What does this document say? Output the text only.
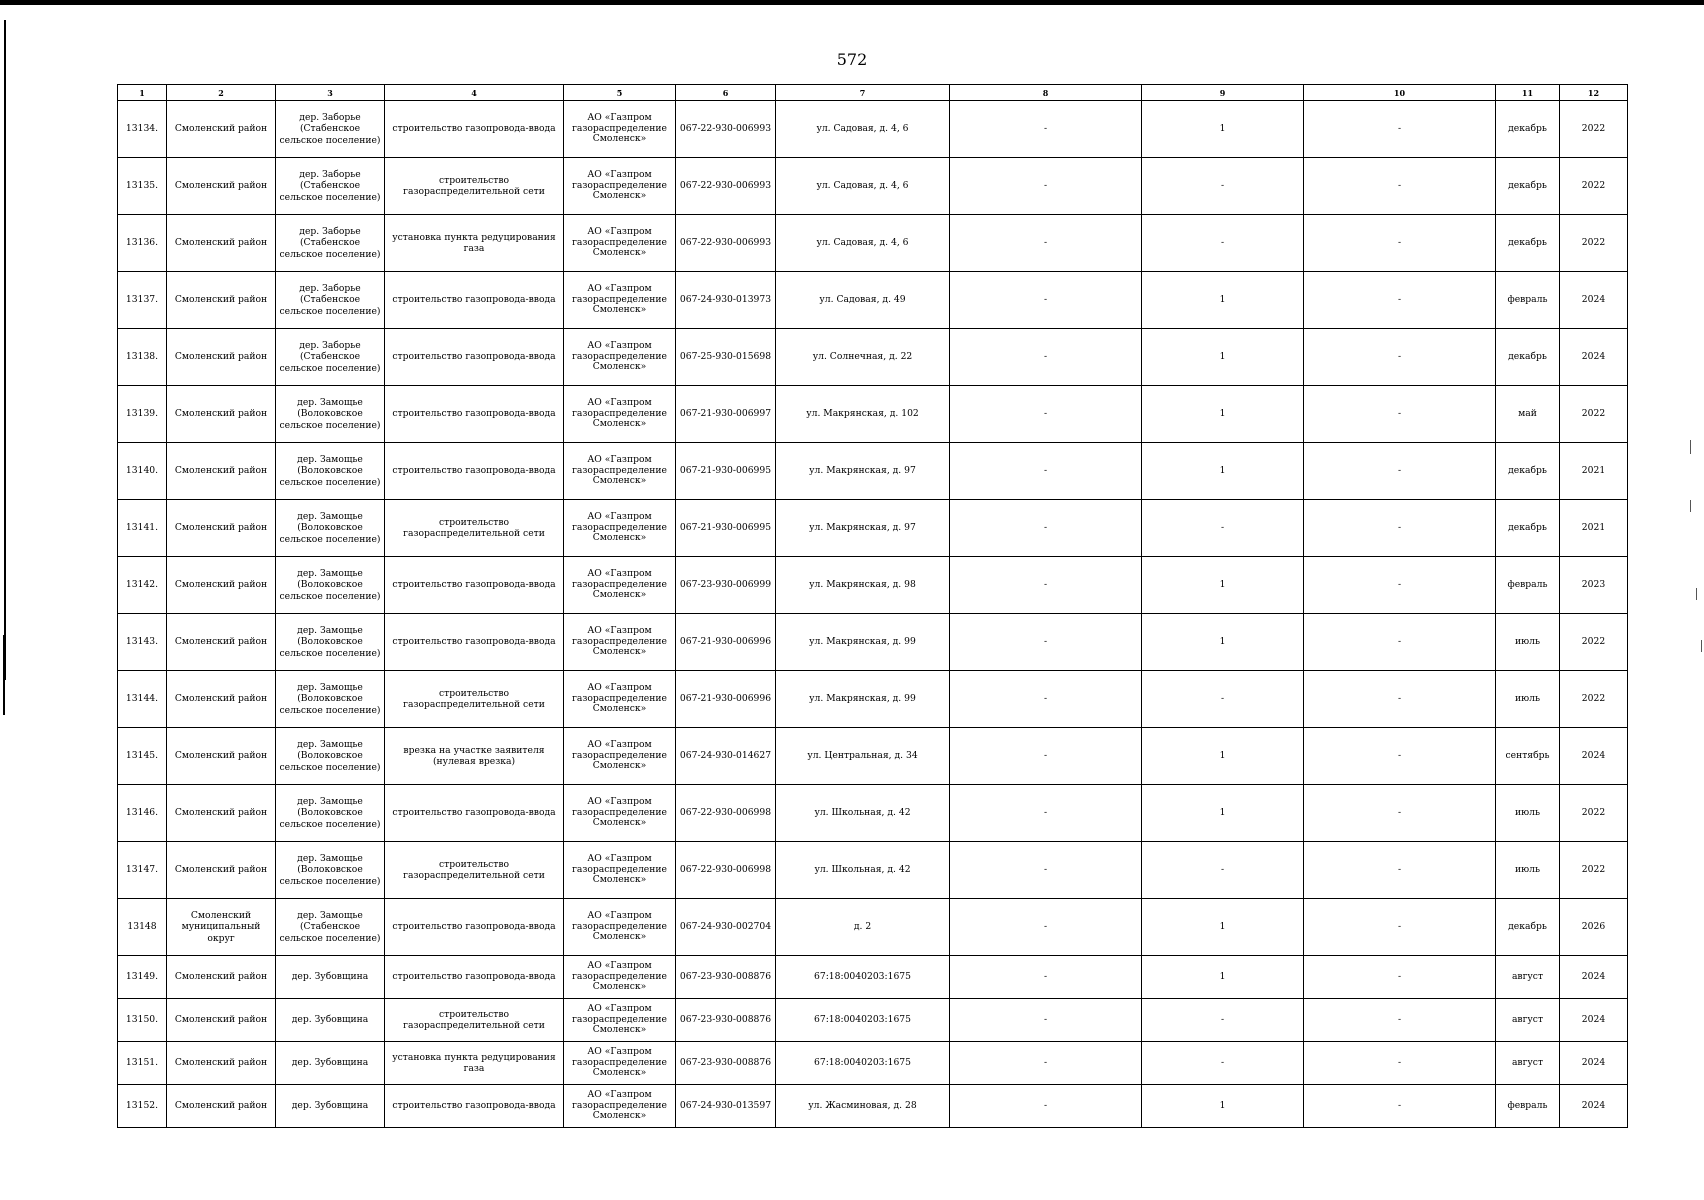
572
1	2	3	4	5	6	7	8	9	10	11	12
13134.	Смоленский район	дер. Заборье (Стабенское сельское поселение)	строительство газопровода-ввода	АО «Газпром газораспределение Смоленск»	067-22-930-006993	ул. Садовая, д. 4, 6	-	1	-	декабрь	2022
13135.	Смоленский район	дер. Заборье (Стабенское сельское поселение)	строительство газораспределительной сети	АО «Газпром газораспределение Смоленск»	067-22-930-006993	ул. Садовая, д. 4, 6	-	-	-	декабрь	2022
13136.	Смоленский район	дер. Заборье (Стабенское сельское поселение)	установка пункта редуцирования газа	АО «Газпром газораспределение Смоленск»	067-22-930-006993	ул. Садовая, д. 4, 6	-	-	-	декабрь	2022
13137.	Смоленский район	дер. Заборье (Стабенское сельское поселение)	строительство газопровода-ввода	АО «Газпром газораспределение Смоленск»	067-24-930-013973	ул. Садовая, д. 49	-	1	-	февраль	2024
13138.	Смоленский район	дер. Заборье (Стабенское сельское поселение)	строительство газопровода-ввода	АО «Газпром газораспределение Смоленск»	067-25-930-015698	ул. Солнечная, д. 22	-	1	-	декабрь	2024
13139.	Смоленский район	дер. Замощье (Волоковское сельское поселение)	строительство газопровода-ввода	АО «Газпром газораспределение Смоленск»	067-21-930-006997	ул. Макрянская, д. 102	-	1	-	май	2022
13140.	Смоленский район	дер. Замощье (Волоковское сельское поселение)	строительство газопровода-ввода	АО «Газпром газораспределение Смоленск»	067-21-930-006995	ул. Макрянская, д. 97	-	1	-	декабрь	2021
13141.	Смоленский район	дер. Замощье (Волоковское сельское поселение)	строительство газораспределительной сети	АО «Газпром газораспределение Смоленск»	067-21-930-006995	ул. Макрянская, д. 97	-	-	-	декабрь	2021
13142.	Смоленский район	дер. Замощье (Волоковское сельское поселение)	строительство газопровода-ввода	АО «Газпром газораспределение Смоленск»	067-23-930-006999	ул. Макрянская, д. 98	-	1	-	февраль	2023
13143.	Смоленский район	дер. Замощье (Волоковское сельское поселение)	строительство газопровода-ввода	АО «Газпром газораспределение Смоленск»	067-21-930-006996	ул. Макрянская, д. 99	-	1	-	июль	2022
13144.	Смоленский район	дер. Замощье (Волоковское сельское поселение)	строительство газораспределительной сети	АО «Газпром газораспределение Смоленск»	067-21-930-006996	ул. Макрянская, д. 99	-	-	-	июль	2022
13145.	Смоленский район	дер. Замощье (Волоковское сельское поселение)	врезка на участке заявителя (нулевая врезка)	АО «Газпром газораспределение Смоленск»	067-24-930-014627	ул. Центральная, д. 34	-	1	-	сентябрь	2024
13146.	Смоленский район	дер. Замощье (Волоковское сельское поселение)	строительство газопровода-ввода	АО «Газпром газораспределение Смоленск»	067-22-930-006998	ул. Школьная, д. 42	-	1	-	июль	2022
13147.	Смоленский район	дер. Замощье (Волоковское сельское поселение)	строительство газораспределительной сети	АО «Газпром газораспределение Смоленск»	067-22-930-006998	ул. Школьная, д. 42	-	-	-	июль	2022
13148	Смоленский муниципальный округ	дер. Замощье (Стабенское сельское поселение)	строительство газопровода-ввода	АО «Газпром газораспределение Смоленск»	067-24-930-002704	д. 2	-	1	-	декабрь	2026
13149.	Смоленский район	дер. Зубовщина	строительство газопровода-ввода	АО «Газпром газораспределение Смоленск»	067-23-930-008876	67:18:0040203:1675	-	1	-	август	2024
13150.	Смоленский район	дер. Зубовщина	строительство газораспределительной сети	АО «Газпром газораспределение Смоленск»	067-23-930-008876	67:18:0040203:1675	-	-	-	август	2024
13151.	Смоленский район	дер. Зубовщина	установка пункта редуцирования газа	АО «Газпром газораспределение Смоленск»	067-23-930-008876	67:18:0040203:1675	-	-	-	август	2024
13152.	Смоленский район	дер. Зубовщина	строительство газопровода-ввода	АО «Газпром газораспределение Смоленск»	067-24-930-013597	ул. Жасминовая, д. 28	-	1	-	февраль	2024
